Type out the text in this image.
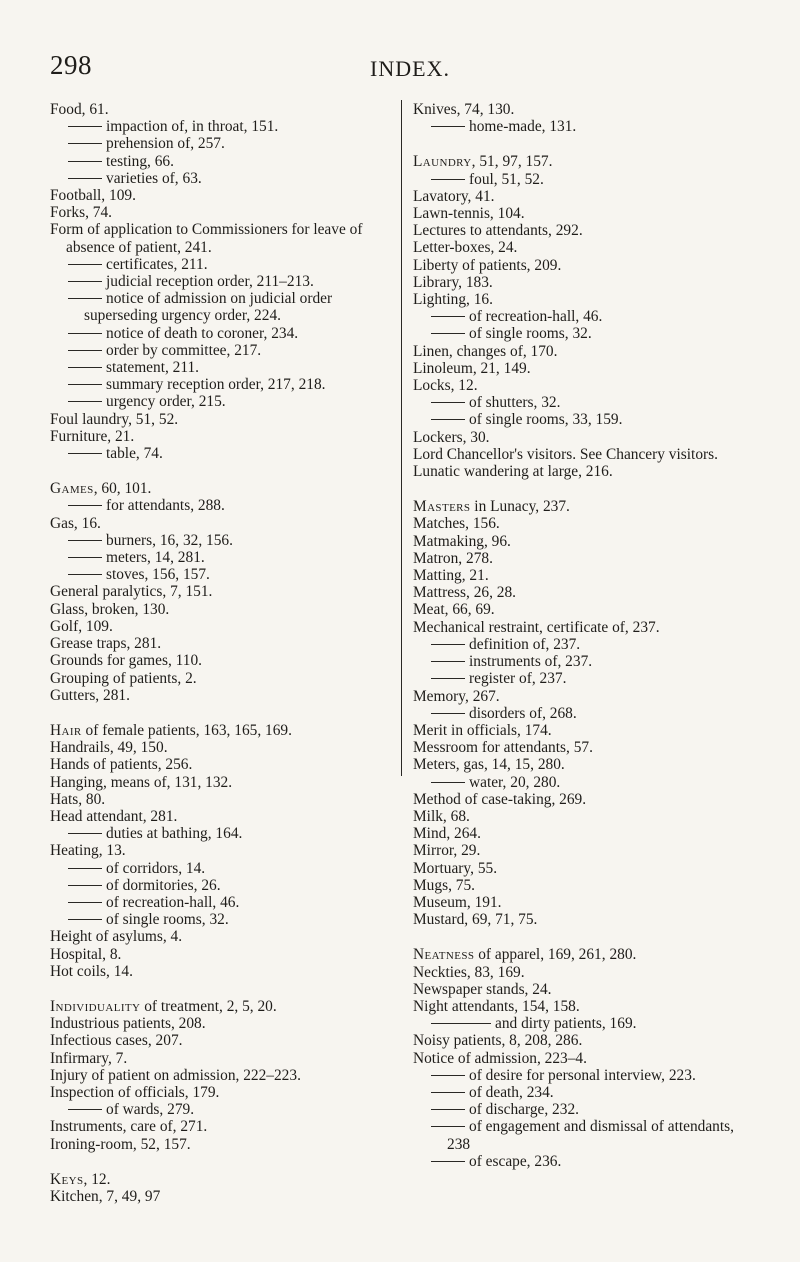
298	INDEX.
Food, 61.
impaction of, in throat, 151.
prehension of, 257.
testing, 66.
varieties of, 63.
Football, 109.
Forks, 74.
Form of application to Commissioners for leave of absence of patient, 241.
certificates, 211.
judicial reception order, 211–213.
notice of admission on judicial order superseding urgency order, 224.
notice of death to coroner, 234.
order by committee, 217.
statement, 211.
summary reception order, 217, 218.
urgency order, 215.
Foul laundry, 51, 52.
Furniture, 21.
table, 74.
Games, 60, 101.
for attendants, 288.
Gas, 16.
burners, 16, 32, 156.
meters, 14, 281.
stoves, 156, 157.
General paralytics, 7, 151.
Glass, broken, 130.
Golf, 109.
Grease traps, 281.
Grounds for games, 110.
Grouping of patients, 2.
Gutters, 281.
Hair of female patients, 163, 165, 169.
Handrails, 49, 150.
Hands of patients, 256.
Hanging, means of, 131, 132.
Hats, 80.
Head attendant, 281.
duties at bathing, 164.
Heating, 13.
of corridors, 14.
of dormitories, 26.
of recreation-hall, 46.
of single rooms, 32.
Height of asylums, 4.
Hospital, 8.
Hot coils, 14.
Individuality of treatment, 2, 5, 20.
Industrious patients, 208.
Infectious cases, 207.
Infirmary, 7.
Injury of patient on admission, 222–223.
Inspection of officials, 179.
of wards, 279.
Instruments, care of, 271.
Ironing-room, 52, 157.
Keys, 12.
Kitchen, 7, 49, 97
Knives, 74, 130.
home-made, 131.
Laundry, 51, 97, 157.
foul, 51, 52.
Lavatory, 41.
Lawn-tennis, 104.
Lectures to attendants, 292.
Letter-boxes, 24.
Liberty of patients, 209.
Library, 183.
Lighting, 16.
of recreation-hall, 46.
of single rooms, 32.
Linen, changes of, 170.
Linoleum, 21, 149.
Locks, 12.
of shutters, 32.
of single rooms, 33, 159.
Lockers, 30.
Lord Chancellor's visitors. See Chancery visitors.
Lunatic wandering at large, 216.
Masters in Lunacy, 237.
Matches, 156.
Matmaking, 96.
Matron, 278.
Matting, 21.
Mattress, 26, 28.
Meat, 66, 69.
Mechanical restraint, certificate of, 237.
definition of, 237.
instruments of, 237.
register of, 237.
Memory, 267.
disorders of, 268.
Merit in officials, 174.
Messroom for attendants, 57.
Meters, gas, 14, 15, 280.
water, 20, 280.
Method of case-taking, 269.
Milk, 68.
Mind, 264.
Mirror, 29.
Mortuary, 55.
Mugs, 75.
Museum, 191.
Mustard, 69, 71, 75.
Neatness of apparel, 169, 261, 280.
Neckties, 83, 169.
Newspaper stands, 24.
Night attendants, 154, 158.
and dirty patients, 169.
Noisy patients, 8, 208, 286.
Notice of admission, 223–4.
of desire for personal interview, 223.
of death, 234.
of discharge, 232.
of engagement and dismissal of attendants, 238
of escape, 236.
